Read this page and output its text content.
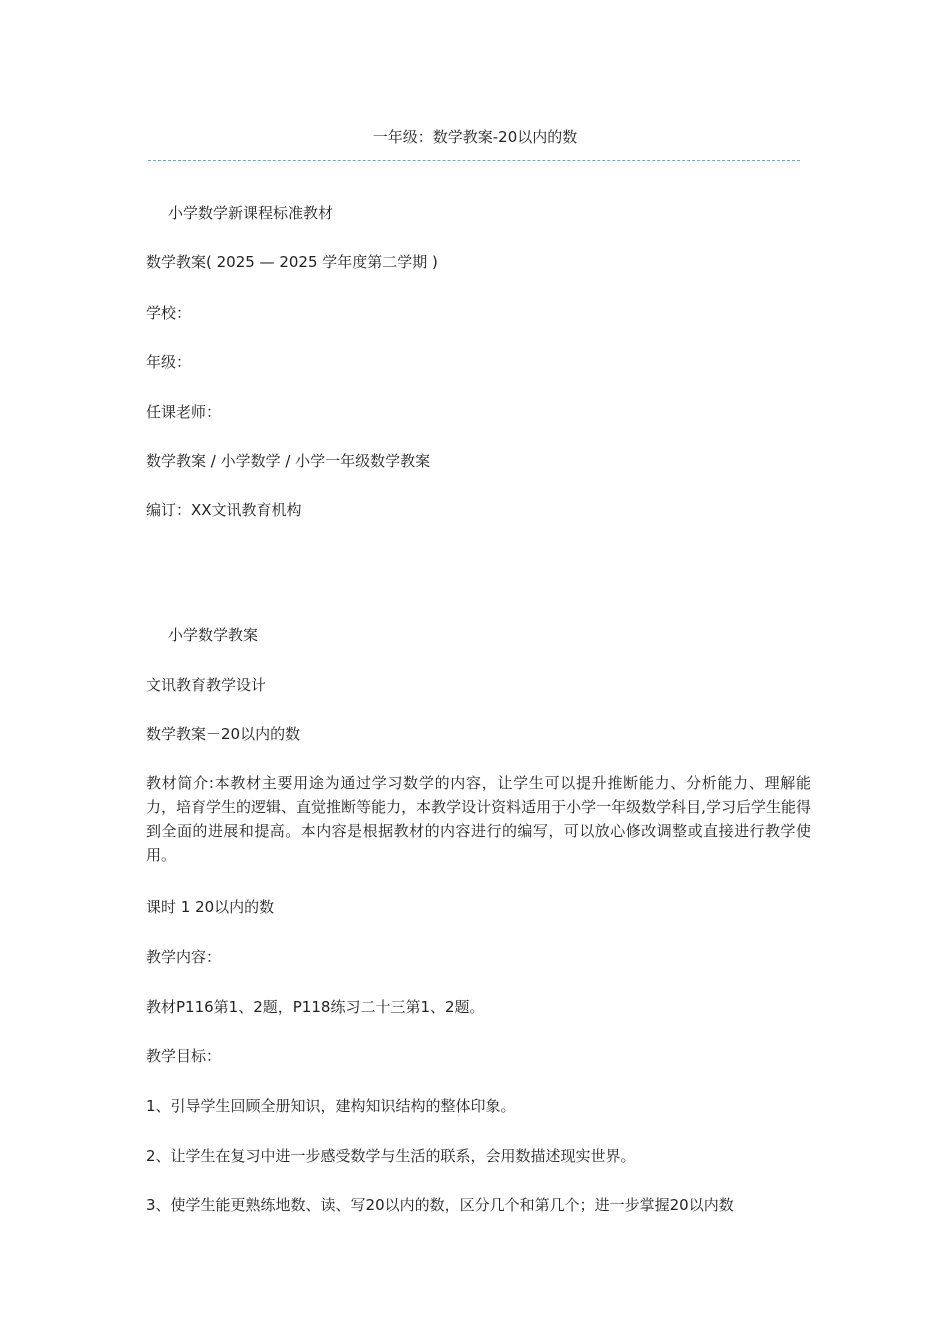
一年级：数学教案-20以内的数

小学数学新课程标准教材

数学教案( 2025 — 2025 学年度第二学期 )

学校：

年级：

任课老师：

数学教案 / 小学数学 / 小学一年级数学教案

编订：XX文讯教育机构

小学数学教案

文讯教育教学设计

数学教案－20以内的数

教材简介:本教材主要用途为通过学习数学的内容，让学生可以提升推断能力、分析能力、理解能力，培育学生的逻辑、直觉推断等能力，本教学设计资料适用于小学一年级数学科目,学习后学生能得到全面的进展和提高。本内容是根据教材的内容进行的编写，可以放心修改调整或直接进行教学使用。

课时 1 20以内的数

教学内容：

教材P116第1、2题，P118练习二十三第1、2题。

教学目标：

1、引导学生回顾全册知识，建构知识结构的整体印象。

2、让学生在复习中进一步感受数学与生活的联系，会用数描述现实世界。

3、使学生能更熟练地数、读、写20以内的数，区分几个和第几个；进一步掌握20以内数
